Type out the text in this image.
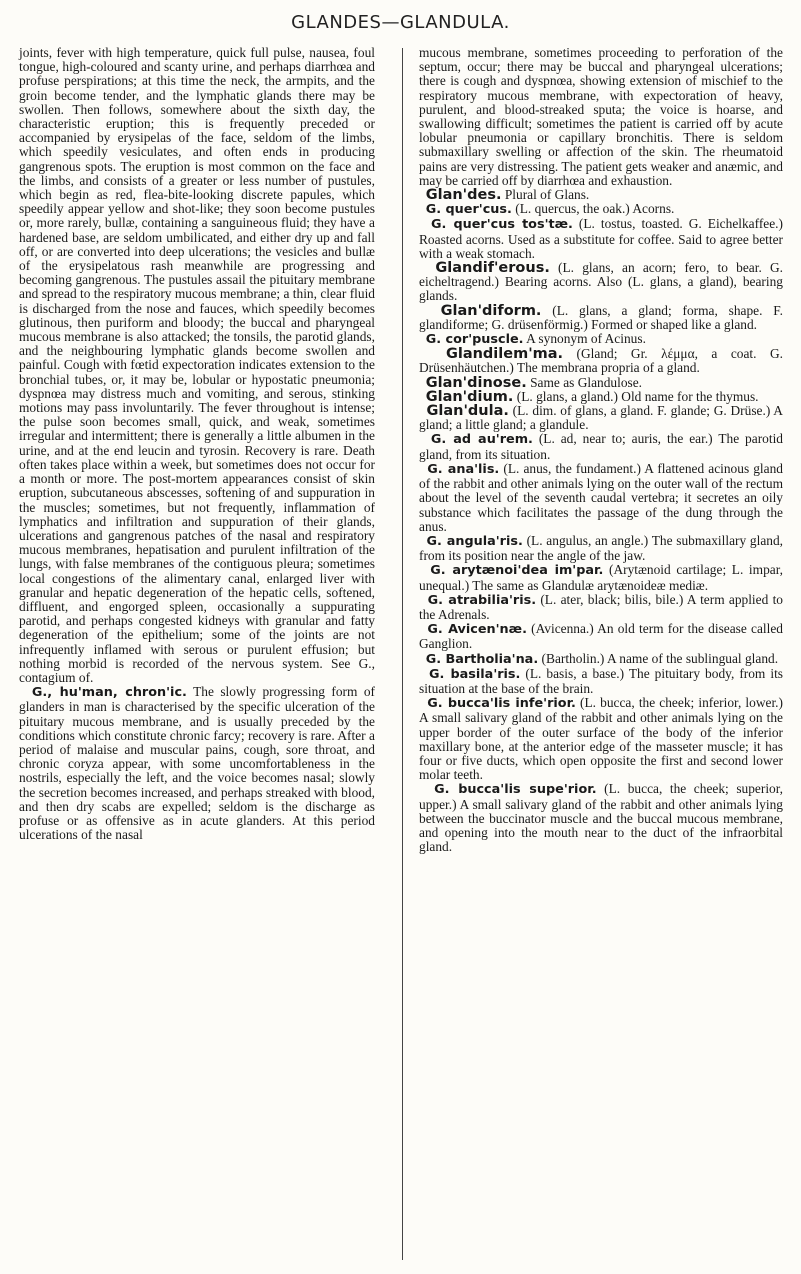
GLANDES—GLANDULA.

joints, fever with high temperature, quick full pulse, nausea, foul tongue, high-coloured and scanty urine, and perhaps diarrhœa and profuse perspirations; at this time the neck, the armpits, and the groin become tender, and the lymphatic glands there may be swollen. Then follows, somewhere about the sixth day, the characteristic eruption; this is frequently preceded or accompanied by erysipelas of the face, seldom of the limbs, which speedily vesiculates, and often ends in producing gangrenous spots. The eruption is most common on the face and the limbs, and consists of a greater or less number of pustules, which begin as red, flea-bite-looking discrete papules, which speedily appear yellow and shot-like; they soon become pustules or, more rarely, bullæ, containing a sanguineous fluid; they have a hardened base, are seldom umbilicated, and either dry up and fall off, or are converted into deep ulcerations; the vesicles and bullæ of the erysipelatous rash meanwhile are progressing and becoming gangrenous. The pustules assail the pituitary membrane and spread to the respiratory mucous membrane; a thin, clear fluid is discharged from the nose and fauces, which speedily becomes glutinous, then puriform and bloody; the buccal and pharyngeal mucous membrane is also attacked; the tonsils, the parotid glands, and the neighbouring lymphatic glands become swollen and painful. Cough with fœtid expectoration indicates extension to the bronchial tubes, or, it may be, lobular or hypostatic pneumonia; dyspnœa may distress much and vomiting, and serous, stinking motions may pass involuntarily. The fever throughout is intense; the pulse soon becomes small, quick, and weak, sometimes irregular and intermittent; there is generally a little albumen in the urine, and at the end leucin and tyrosin. Recovery is rare. Death often takes place within a week, but sometimes does not occur for a month or more. The post-mortem appearances consist of skin eruption, subcutaneous abscesses, softening of and suppuration in the muscles; sometimes, but not frequently, inflammation of lymphatics and infiltration and suppuration of their glands, ulcerations and gangrenous patches of the nasal and respiratory mucous membranes, hepatisation and purulent infiltration of the lungs, with false membranes of the contiguous pleura; sometimes local congestions of the alimentary canal, enlarged liver with granular and hepatic degeneration of the hepatic cells, softened, diffluent, and engorged spleen, occasionally a suppurating parotid, and perhaps congested kidneys with granular and fatty degeneration of the epithelium; some of the joints are not infrequently inflamed with serous or purulent effusion; but nothing morbid is recorded of the nervous system. See G., contagium of.

G., hu'man, chron'ic. The slowly progressing form of glanders in man is characterised by the specific ulceration of the pituitary mucous membrane, and is usually preceded by the conditions which constitute chronic farcy; recovery is rare. After a period of malaise and muscular pains, cough, sore throat, and chronic coryza appear, with some uncomfortableness in the nostrils, especially the left, and the voice becomes nasal; slowly the secretion becomes increased, and perhaps streaked with blood, and then dry scabs are expelled; seldom is the discharge as profuse or as offensive as in acute glanders. At this period ulcerations of the nasal

mucous membrane, sometimes proceeding to perforation of the septum, occur; there may be buccal and pharyngeal ulcerations; there is cough and dyspnœa, showing extension of mischief to the respiratory mucous membrane, with expectoration of heavy, purulent, and blood-streaked sputa; the voice is hoarse, and swallowing difficult; sometimes the patient is carried off by acute lobular pneumonia or capillary bronchitis. There is seldom submaxillary swelling or affection of the skin. The rheumatoid pains are very distressing. The patient gets weaker and anæmic, and may be carried off by diarrhœa and exhaustion.

Glan'des. Plural of Glans.

G. quer'cus. (L. quercus, the oak.) Acorns.

G. quer'cus tos'tæ. (L. tostus, toasted. G. Eichelkaffee.) Roasted acorns. Used as a substitute for coffee. Said to agree better with a weak stomach.

Glandif'erous. (L. glans, an acorn; fero, to bear. G. eicheltragend.) Bearing acorns. Also (L. glans, a gland), bearing glands.

Glan'diform. (L. glans, a gland; forma, shape. F. glandiforme; G. drüsenförmig.) Formed or shaped like a gland.

G. cor'puscle. A synonym of Acinus.

Glandilem'ma. (Gland; Gr. λέμμα, a coat. G. Drüsenhäutchen.) The membrana propria of a gland.

Glan'dinose. Same as Glandulose.

Glan'dium. (L. glans, a gland.) Old name for the thymus.

Glan'dula. (L. dim. of glans, a gland. F. glande; G. Drüse.) A gland; a little gland; a glandule.

G. ad au'rem. (L. ad, near to; auris, the ear.) The parotid gland, from its situation.

G. ana'lis. (L. anus, the fundament.) A flattened acinous gland of the rabbit and other animals lying on the outer wall of the rectum about the level of the seventh caudal vertebra; it secretes an oily substance which facilitates the passage of the dung through the anus.

G. angula'ris. (L. angulus, an angle.) The submaxillary gland, from its position near the angle of the jaw.

G. arytænoi'dea im'par. (Arytænoid cartilage; L. impar, unequal.) The same as Glandulæ arytænoideæ mediæ.

G. atrabilia'ris. (L. ater, black; bilis, bile.) A term applied to the Adrenals.

G. Avicen'næ. (Avicenna.) An old term for the disease called Ganglion.

G. Bartholia'na. (Bartholin.) A name of the sublingual gland.

G. basila'ris. (L. basis, a base.) The pituitary body, from its situation at the base of the brain.

G. bucca'lis infe'rior. (L. bucca, the cheek; inferior, lower.) A small salivary gland of the rabbit and other animals lying on the upper border of the outer surface of the body of the inferior maxillary bone, at the anterior edge of the masseter muscle; it has four or five ducts, which open opposite the first and second lower molar teeth.

G. bucca'lis supe'rior. (L. bucca, the cheek; superior, upper.) A small salivary gland of the rabbit and other animals lying between the buccinator muscle and the buccal mucous membrane, and opening into the mouth near to the duct of the infraorbital gland.
